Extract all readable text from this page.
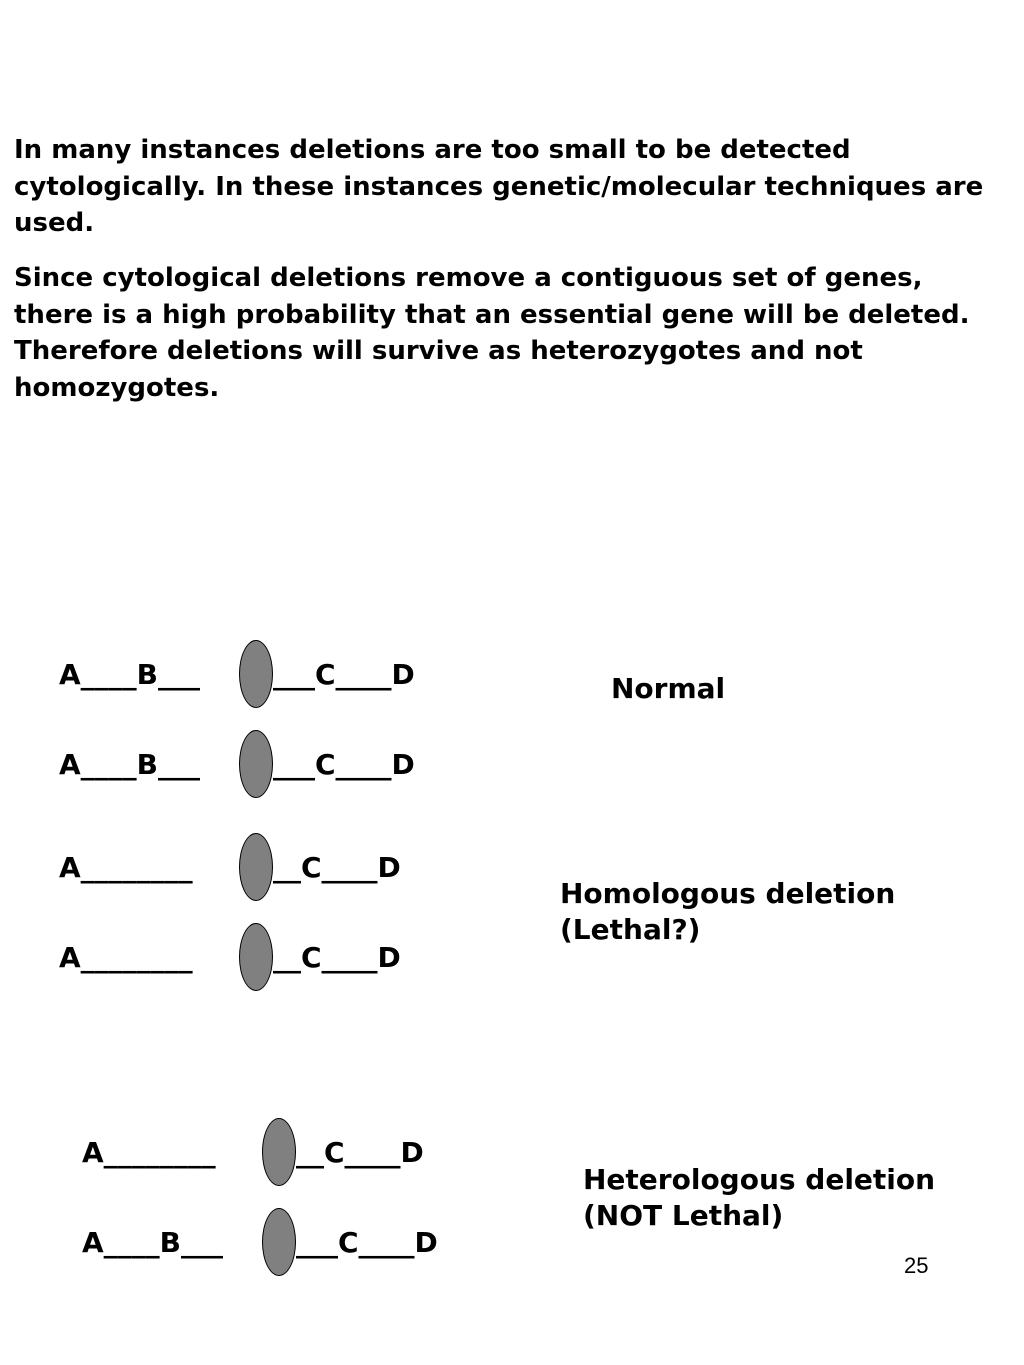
In many instances deletions are too small to be detected cytologically. In these instances genetic/molecular techniques are used.

Since cytological deletions remove a contiguous set of genes, there is a high probability that an essential gene will be deleted. Therefore deletions will survive as heterozygotes and not homozygotes.

A____B___	___C____D
A____B___	___C____D
A________	__C____D
A________	__C____D
A________	__C____D
A____B___	___C____D

Normal

Homologous deletion
(Lethal?)
Heterologous deletion
(NOT Lethal)
25
